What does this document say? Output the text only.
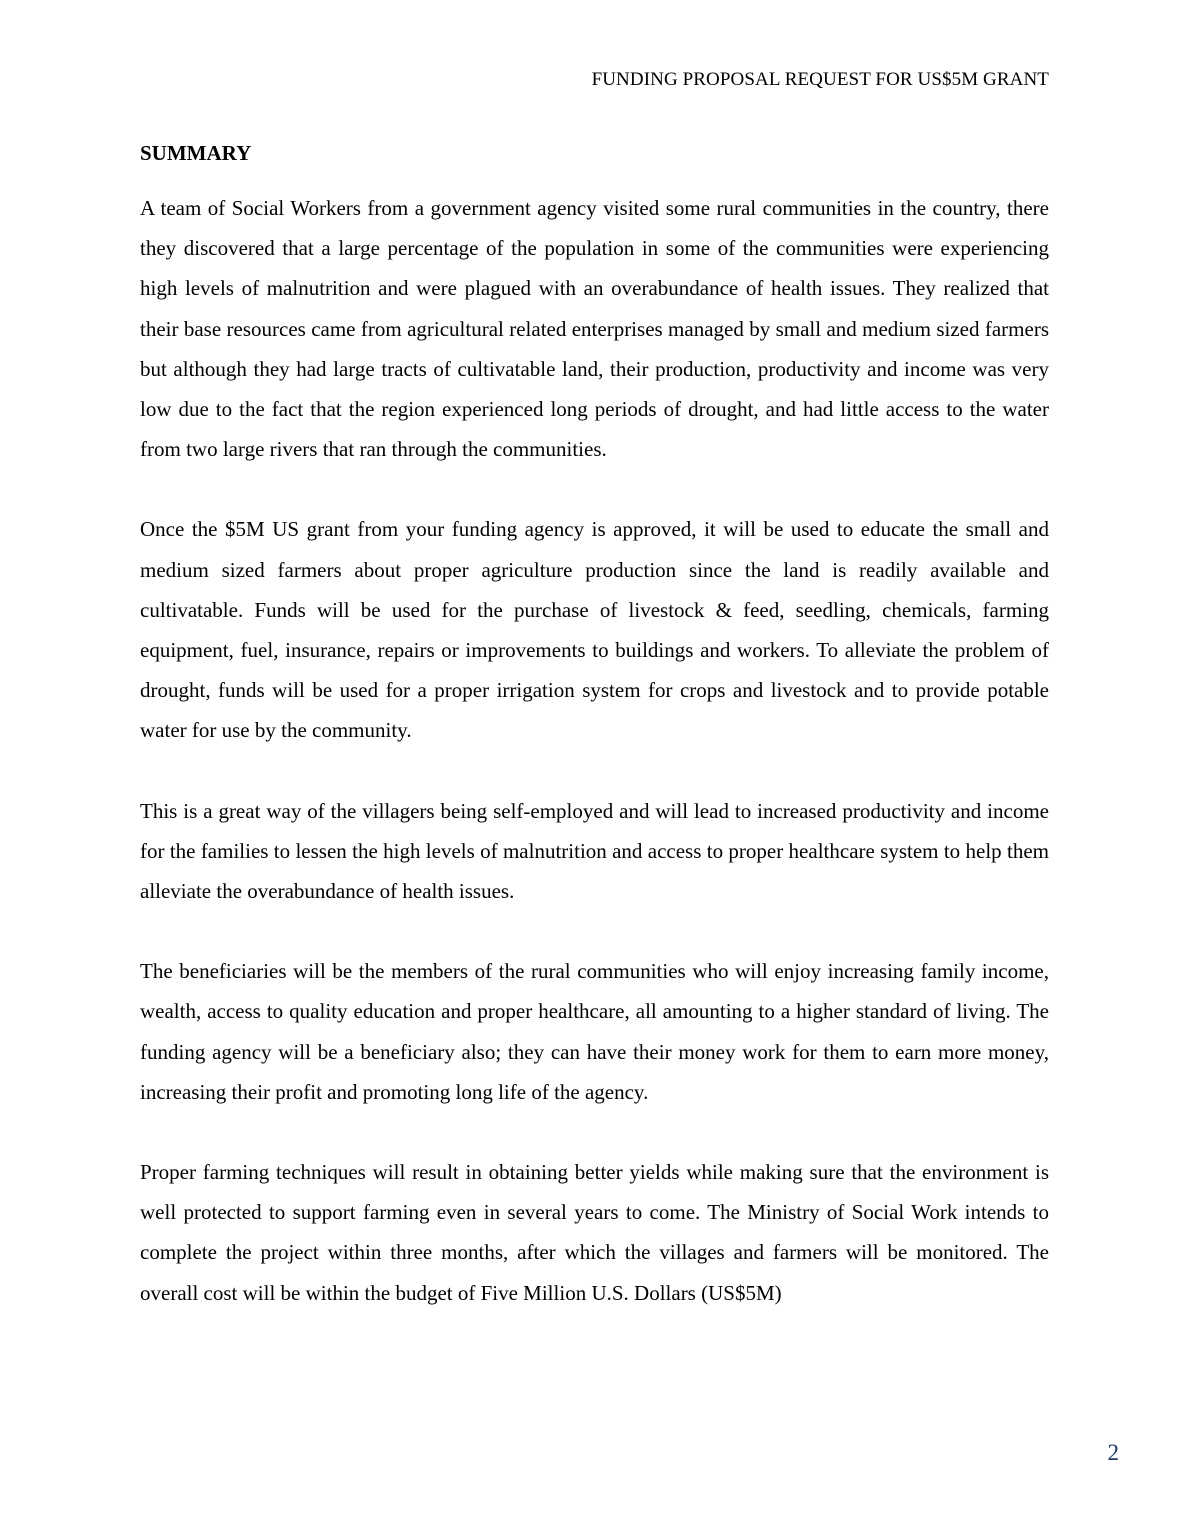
FUNDING PROPOSAL REQUEST FOR US$5M GRANT
SUMMARY

A team of Social Workers from a government agency visited some rural communities in the country, there they discovered that a large percentage of the population in some of the communities were experiencing high levels of malnutrition and were plagued with an overabundance of health issues. They realized that their base resources came from agricultural related enterprises managed by small and medium sized farmers but although they had large tracts of cultivatable land, their production, productivity and income was very low due to the fact that the region experienced long periods of drought, and had little access to the water from two large rivers that ran through the communities.

Once the $5M US grant from your funding agency is approved, it will be used to educate the small and medium sized farmers about proper agriculture production since the land is readily available and cultivatable. Funds will be used for the purchase of livestock & feed, seedling, chemicals, farming equipment, fuel, insurance, repairs or improvements to buildings and workers. To alleviate the problem of drought, funds will be used for a proper irrigation system for crops and livestock and to provide potable water for use by the community.

This is a great way of the villagers being self-employed and will lead to increased productivity and income for the families to lessen the high levels of malnutrition and access to proper healthcare system to help them alleviate the overabundance of health issues.

The beneficiaries will be the members of the rural communities who will enjoy increasing family income, wealth, access to quality education and proper healthcare, all amounting to a higher standard of living. The funding agency will be a beneficiary also; they can have their money work for them to earn more money, increasing their profit and promoting long life of the agency.

Proper farming techniques will result in obtaining better yields while making sure that the environment is well protected to support farming even in several years to come. The Ministry of Social Work intends to complete the project within three months, after which the villages and farmers will be monitored. The overall cost will be within the budget of Five Million U.S. Dollars (US$5M)

2
